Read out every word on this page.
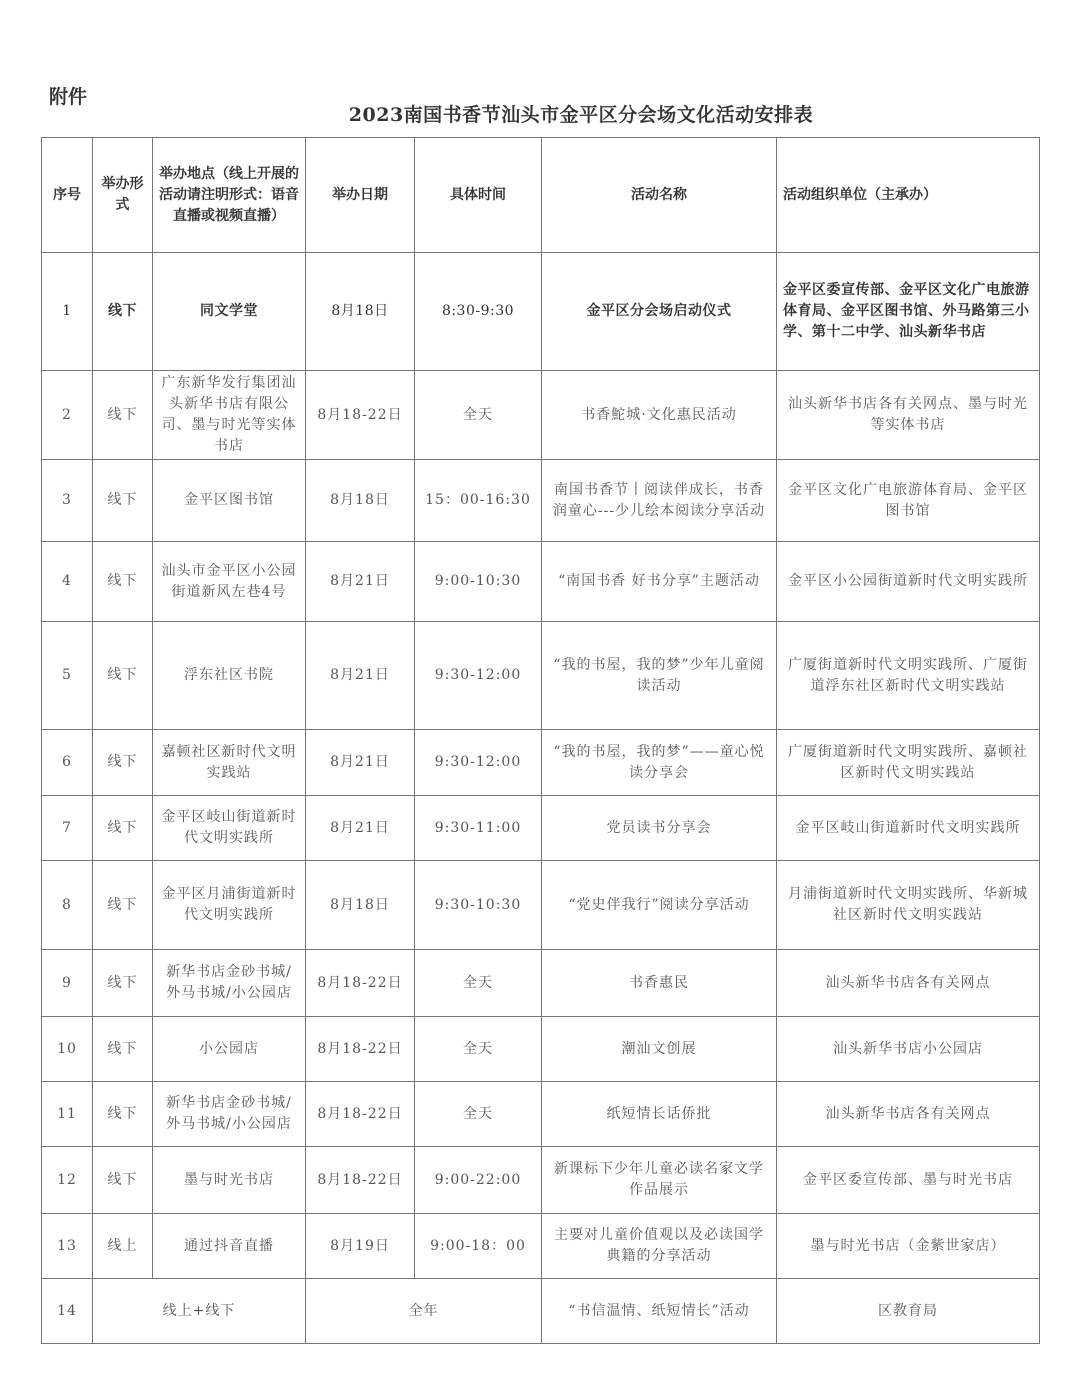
附件
2023南国书香节汕头市金平区分会场文化活动安排表
序号	举办形式	举办地点（线上开展的活动请注明形式：语音直播或视频直播）	举办日期	具体时间	活动名称	活动组织单位（主承办）
1	线下	同文学堂	8月18日	8:30-9:30	金平区分会场启动仪式	金平区委宣传部、金平区文化广电旅游体育局、金平区图书馆、外马路第三小学、第十二中学、汕头新华书店
2	线下	广东新华发行集团汕头新华书店有限公司、墨与时光等实体书店	8月18-22日	全天	书香鮀城·文化惠民活动	汕头新华书店各有关网点、墨与时光等实体书店
3	线下	金平区图书馆	8月18日	15：00-16:30	南国书香节丨阅读伴成长，书香润童心---少儿绘本阅读分享活动	金平区文化广电旅游体育局、金平区图书馆
4	线下	汕头市金平区小公园街道新风左巷4号	8月21日	9:00-10:30	“南国书香 好书分享”主题活动	金平区小公园街道新时代文明实践所
5	线下	浮东社区书院	8月21日	9:30-12:00	“我的书屋，我的梦”少年儿童阅读活动	广厦街道新时代文明实践所、广厦街道浮东社区新时代文明实践站
6	线下	嘉顿社区新时代文明实践站	8月21日	9:30-12:00	“我的书屋，我的梦”——童心悦读分享会	广厦街道新时代文明实践所、嘉顿社区新时代文明实践站
7	线下	金平区岐山街道新时代文明实践所	8月21日	9:30-11:00	党员读书分享会	金平区岐山街道新时代文明实践所
8	线下	金平区月浦街道新时代文明实践所	8月18日	9:30-10:30	“党史伴我行”阅读分享活动	月浦街道新时代文明实践所、华新城社区新时代文明实践站
9	线下	新华书店金砂书城/外马书城/小公园店	8月18-22日	全天	书香惠民	汕头新华书店各有关网点
10	线下	小公园店	8月18-22日	全天	潮汕文创展	汕头新华书店小公园店
11	线下	新华书店金砂书城/外马书城/小公园店	8月18-22日	全天	纸短情长话侨批	汕头新华书店各有关网点
12	线下	墨与时光书店	8月18-22日	9:00-22:00	新课标下少年儿童必读名家文学作品展示	金平区委宣传部、墨与时光书店
13	线上	通过抖音直播	8月19日	9:00-18：00	主要对儿童价值观以及必读国学典籍的分享活动	墨与时光书店（金紫世家店）
14	线上+线下		全年		“书信温情、纸短情长”活动	区教育局
